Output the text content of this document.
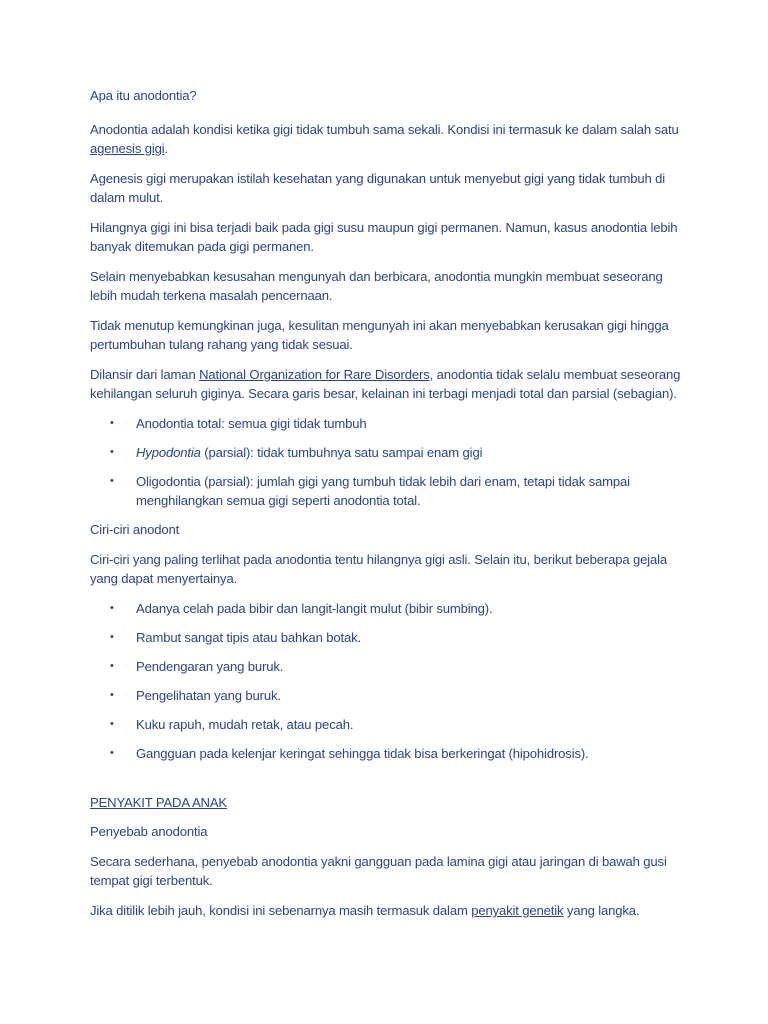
Apa itu anodontia?

Anodontia adalah kondisi ketika gigi tidak tumbuh sama sekali. Kondisi ini termasuk ke dalam salah satu agenesis gigi.

Agenesis gigi merupakan istilah kesehatan yang digunakan untuk menyebut gigi yang tidak tumbuh di dalam mulut.

Hilangnya gigi ini bisa terjadi baik pada gigi susu maupun gigi permanen. Namun, kasus anodontia lebih banyak ditemukan pada gigi permanen.

Selain menyebabkan kesusahan mengunyah dan berbicara, anodontia mungkin membuat seseorang lebih mudah terkena masalah pencernaan.

Tidak menutup kemungkinan juga, kesulitan mengunyah ini akan menyebabkan kerusakan gigi hingga pertumbuhan tulang rahang yang tidak sesuai.

Dilansir dari laman National Organization for Rare Disorders, anodontia tidak selalu membuat seseorang kehilangan seluruh giginya. Secara garis besar, kelainan ini terbagi menjadi total dan parsial (sebagian).

• Anodontia total: semua gigi tidak tumbuh
• Hypodontia (parsial): tidak tumbuhnya satu sampai enam gigi
• Oligodontia (parsial): jumlah gigi yang tumbuh tidak lebih dari enam, tetapi tidak sampai menghilangkan semua gigi seperti anodontia total.

Ciri-ciri anodont

Ciri-ciri yang paling terlihat pada anodontia tentu hilangnya gigi asli. Selain itu, berikut beberapa gejala yang dapat menyertainya.

• Adanya celah pada bibir dan langit-langit mulut (bibir sumbing).
• Rambut sangat tipis atau bahkan botak.
• Pendengaran yang buruk.
• Pengelihatan yang buruk.
• Kuku rapuh, mudah retak, atau pecah.
• Gangguan pada kelenjar keringat sehingga tidak bisa berkeringat (hipohidrosis).

PENYAKIT PADA ANAK

Penyebab anodontia

Secara sederhana, penyebab anodontia yakni gangguan pada lamina gigi atau jaringan di bawah gusi tempat gigi terbentuk.

Jika ditilik lebih jauh, kondisi ini sebenarnya masih termasuk dalam penyakit genetik yang langka.
